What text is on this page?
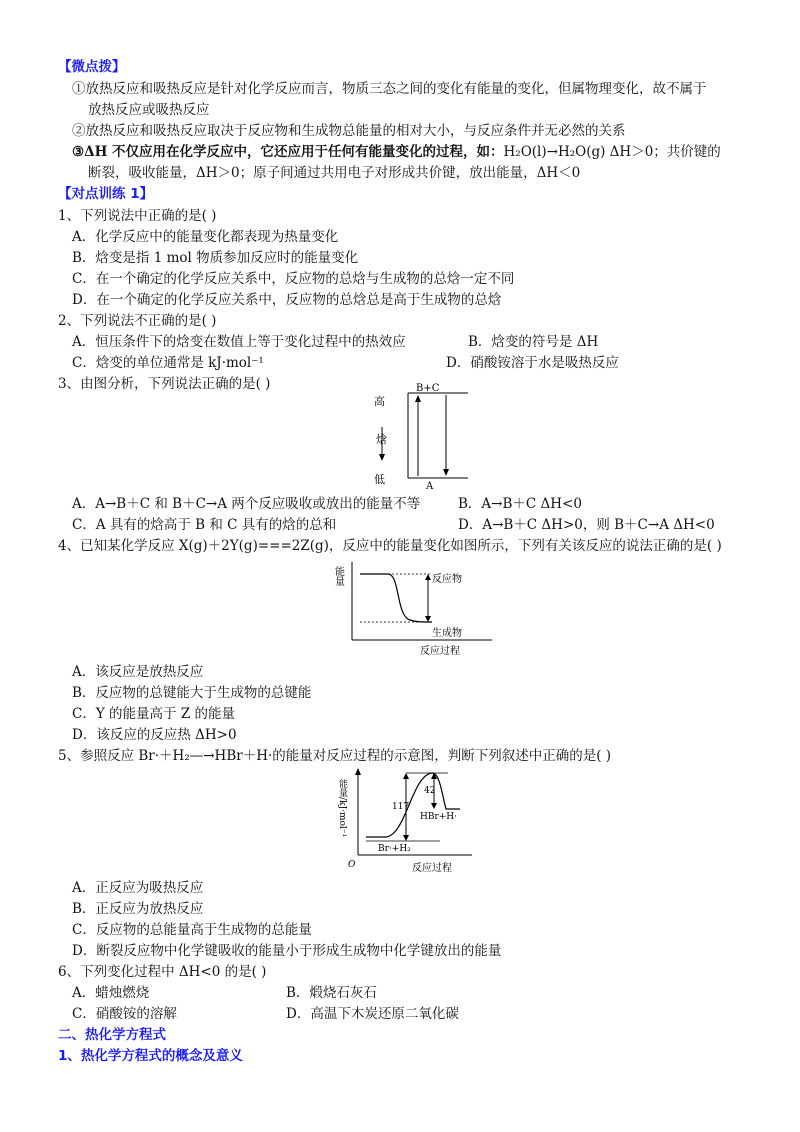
【微点拨】
①放热反应和吸热反应是针对化学反应而言，物质三态之间的变化有能量的变化，但属物理变化，故不属于
放热反应或吸热反应
②放热反应和吸热反应取决于反应物和生成物总能量的相对大小，与反应条件并无必然的关系
③ΔH 不仅应用在化学反应中，它还应用于任何有能量变化的过程，如：H₂O(l)→H₂O(g) ΔH＞0；共价键的
断裂，吸收能量，ΔH＞0；原子间通过共用电子对形成共价键，放出能量，ΔH＜0
【对点训练 1】
1、下列说法中正确的是( )
A．化学反应中的能量变化都表现为热量变化
B．焓变是指 1 mol 物质参加反应时的能量变化
C．在一个确定的化学反应关系中，反应物的总焓与生成物的总焓一定不同
D．在一个确定的化学反应关系中，反应物的总焓总是高于生成物的总焓
2、下列说法不正确的是( )
A．恒压条件下的焓变在数值上等于变化过程中的热效应	B．焓变的符号是 ΔH
C．焓变的单位通常是 kJ·mol⁻¹	D．硝酸铵溶于水是吸热反应
3、由图分析，下列说法正确的是( )
高
焓
低
B+C
A
A．A→B＋C 和 B＋C→A 两个反应吸收或放出的能量不等	B．A→B＋C ΔH<0
C．A 具有的焓高于 B 和 C 具有的焓的总和	D．A→B＋C ΔH>0，则 B＋C→A ΔH<0
4、已知某化学反应 X(g)＋2Y(g)===2Z(g)，反应中的能量变化如图所示，下列有关该反应的说法正确的是( )
能量	反应物
生成物
反应过程
A．该反应是放热反应
B．反应物的总键能大于生成物的总键能
C．Y 的能量高于 Z 的能量
D．该反应的反应热 ΔH>0
5、参照反应 Br·＋H₂—→HBr＋H·的能量对反应过程的示意图，判断下列叙述中正确的是( )
能量/kJ·mol⁻¹	117
42
HBr+H·
Br·+H₂
O	反应过程
A．正反应为吸热反应
B．正反应为放热反应
C．反应物的总能量高于生成物的总能量
D．断裂反应物中化学键吸收的能量小于形成生成物中化学键放出的能量
6、下列变化过程中 ΔH<0 的是( )
A．蜡烛燃烧	B．煅烧石灰石
C．硝酸铵的溶解	D．高温下木炭还原二氧化碳
二、热化学方程式
1、热化学方程式的概念及意义
